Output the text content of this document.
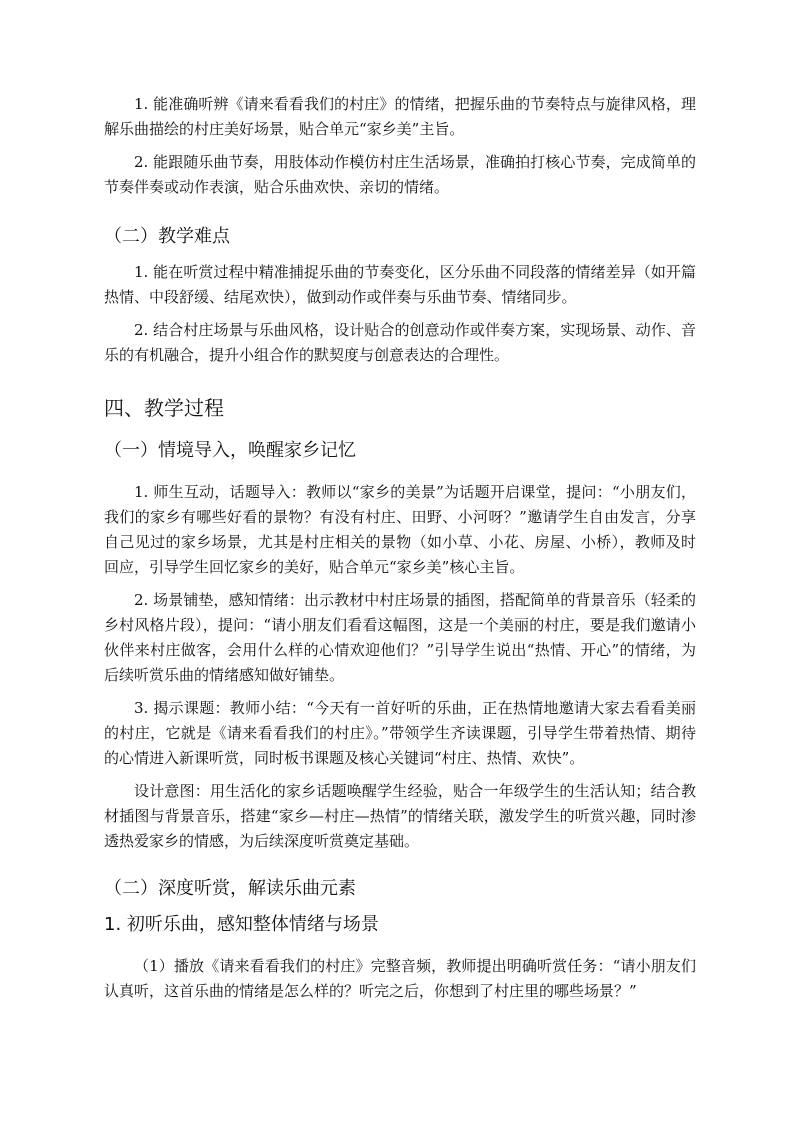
1. 能准确听辨《请来看看我们的村庄》的情绪，把握乐曲的节奏特点与旋律风格，理解乐曲描绘的村庄美好场景，贴合单元“家乡美”主旨。

2. 能跟随乐曲节奏，用肢体动作模仿村庄生活场景，准确拍打核心节奏，完成简单的节奏伴奏或动作表演，贴合乐曲欢快、亲切的情绪。

（二）教学难点

1. 能在听赏过程中精准捕捉乐曲的节奏变化，区分乐曲不同段落的情绪差异（如开篇热情、中段舒缓、结尾欢快），做到动作或伴奏与乐曲节奏、情绪同步。

2. 结合村庄场景与乐曲风格，设计贴合的创意动作或伴奏方案，实现场景、动作、音乐的有机融合，提升小组合作的默契度与创意表达的合理性。

四、教学过程
（一）情境导入，唤醒家乡记忆

1. 师生互动，话题导入：教师以“家乡的美景”为话题开启课堂，提问：“小朋友们，我们的家乡有哪些好看的景物？有没有村庄、田野、小河呀？”邀请学生自由发言，分享自己见过的家乡场景，尤其是村庄相关的景物（如小草、小花、房屋、小桥），教师及时回应，引导学生回忆家乡的美好，贴合单元“家乡美”核心主旨。

2. 场景铺垫，感知情绪：出示教材中村庄场景的插图，搭配简单的背景音乐（轻柔的乡村风格片段），提问：“请小朋友们看看这幅图，这是一个美丽的村庄，要是我们邀请小伙伴来村庄做客，会用什么样的心情欢迎他们？”引导学生说出“热情、开心”的情绪，为后续听赏乐曲的情绪感知做好铺垫。

3. 揭示课题：教师小结：“今天有一首好听的乐曲，正在热情地邀请大家去看看美丽的村庄，它就是《请来看看我们的村庄》。”带领学生齐读课题，引导学生带着热情、期待的心情进入新课听赏，同时板书课题及核心关键词“村庄、热情、欢快”。

设计意图：用生活化的家乡话题唤醒学生经验，贴合一年级学生的生活认知；结合教材插图与背景音乐，搭建“家乡—村庄—热情”的情绪关联，激发学生的听赏兴趣，同时渗透热爱家乡的情感，为后续深度听赏奠定基础。

（二）深度听赏，解读乐曲元素
1. 初听乐曲，感知整体情绪与场景

（1）播放《请来看看我们的村庄》完整音频，教师提出明确听赏任务：“请小朋友们认真听，这首乐曲的情绪是怎么样的？听完之后，你想到了村庄里的哪些场景？”
